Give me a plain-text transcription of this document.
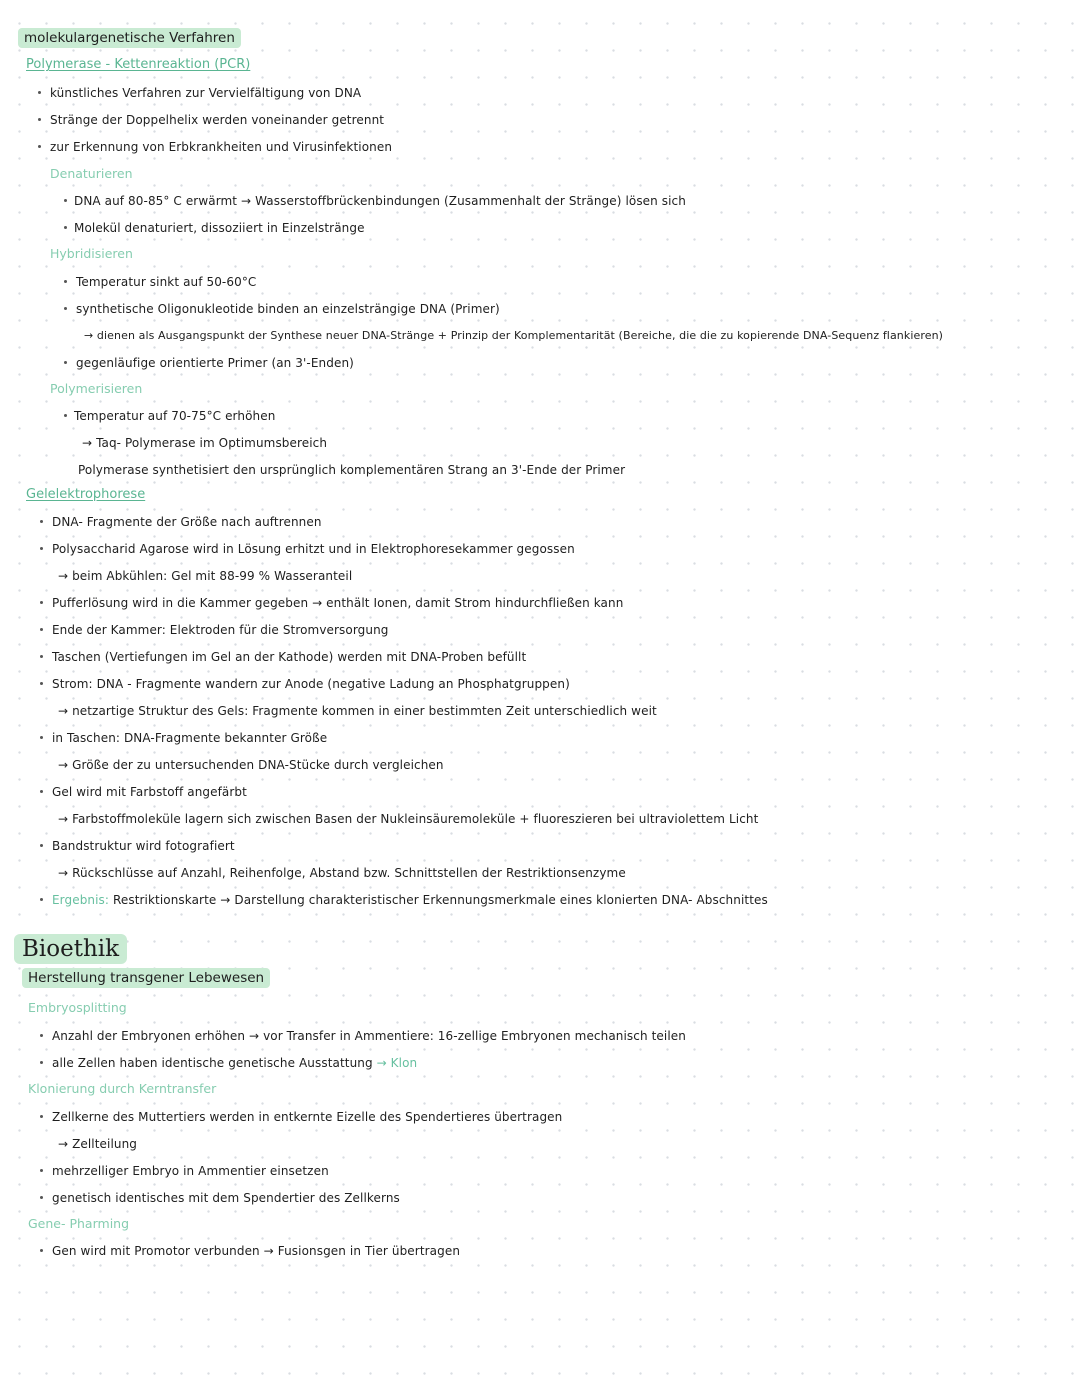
molekulargenetische Verfahren
Polymerase - Kettenreaktion (PCR)
künstliches Verfahren zur Vervielfältigung von DNA
Stränge der Doppelhelix werden voneinander getrennt
zur Erkennung von Erbkrankheiten und Virusinfektionen
Denaturieren
DNA auf 80-85° C erwärmt → Wasserstoffbrückenbindungen (Zusammenhalt der Stränge) lösen sich
Molekül denaturiert, dissoziiert in Einzelstränge
Hybridisieren
Temperatur sinkt auf 50-60°C
synthetische Oligonukleotide binden an einzelsträngige DNA (Primer)
→ dienen als Ausgangspunkt der Synthese neuer DNA-Stränge + Prinzip der Komplementarität (Bereiche, die die zu kopierende DNA-Sequenz flankieren)
gegenläufige orientierte Primer (an 3'-Enden)
Polymerisieren
Temperatur auf 70-75°C erhöhen
→ Taq- Polymerase im Optimumsbereich
Polymerase synthetisiert den ursprünglich komplementären Strang an 3'-Ende der Primer
Gelelektrophorese
DNA- Fragmente der Größe nach auftrennen
Polysaccharid Agarose wird in Lösung erhitzt und in Elektrophoresekammer gegossen
→ beim Abkühlen: Gel mit 88-99 % Wasseranteil
Pufferlösung wird in die Kammer gegeben → enthält Ionen, damit Strom hindurchfließen kann
Ende der Kammer: Elektroden für die Stromversorgung
Taschen (Vertiefungen im Gel an der Kathode) werden mit DNA-Proben befüllt
Strom: DNA - Fragmente wandern zur Anode (negative Ladung an Phosphatgruppen)
→ netzartige Struktur des Gels: Fragmente kommen in einer bestimmten Zeit unterschiedlich weit
in Taschen: DNA-Fragmente bekannter Größe
→ Größe der zu untersuchenden DNA-Stücke durch vergleichen
Gel wird mit Farbstoff angefärbt
→ Farbstoffmoleküle lagern sich zwischen Basen der Nukleinsäuremoleküle + fluoreszieren bei ultraviolettem Licht
Bandstruktur wird fotografiert
→ Rückschlüsse auf Anzahl, Reihenfolge, Abstand bzw. Schnittstellen der Restriktionsenzyme
Ergebnis: Restriktionskarte → Darstellung charakteristischer Erkennungsmerkmale eines klonierten DNA- Abschnittes
Bioethik
Herstellung transgener Lebewesen
Embryosplitting
Anzahl der Embryonen erhöhen → vor Transfer in Ammentiere: 16-zellige Embryonen mechanisch teilen
alle Zellen haben identische genetische Ausstattung → Klon
Klonierung durch Kerntransfer
Zellkerne des Muttertiers werden in entkernte Eizelle des Spendertieres übertragen
→ Zellteilung
mehrzelliger Embryo in Ammentier einsetzen
genetisch identisches mit dem Spendertier des Zellkerns
Gene- Pharming
Gen wird mit Promotor verbunden → Fusionsgen in Tier übertragen
